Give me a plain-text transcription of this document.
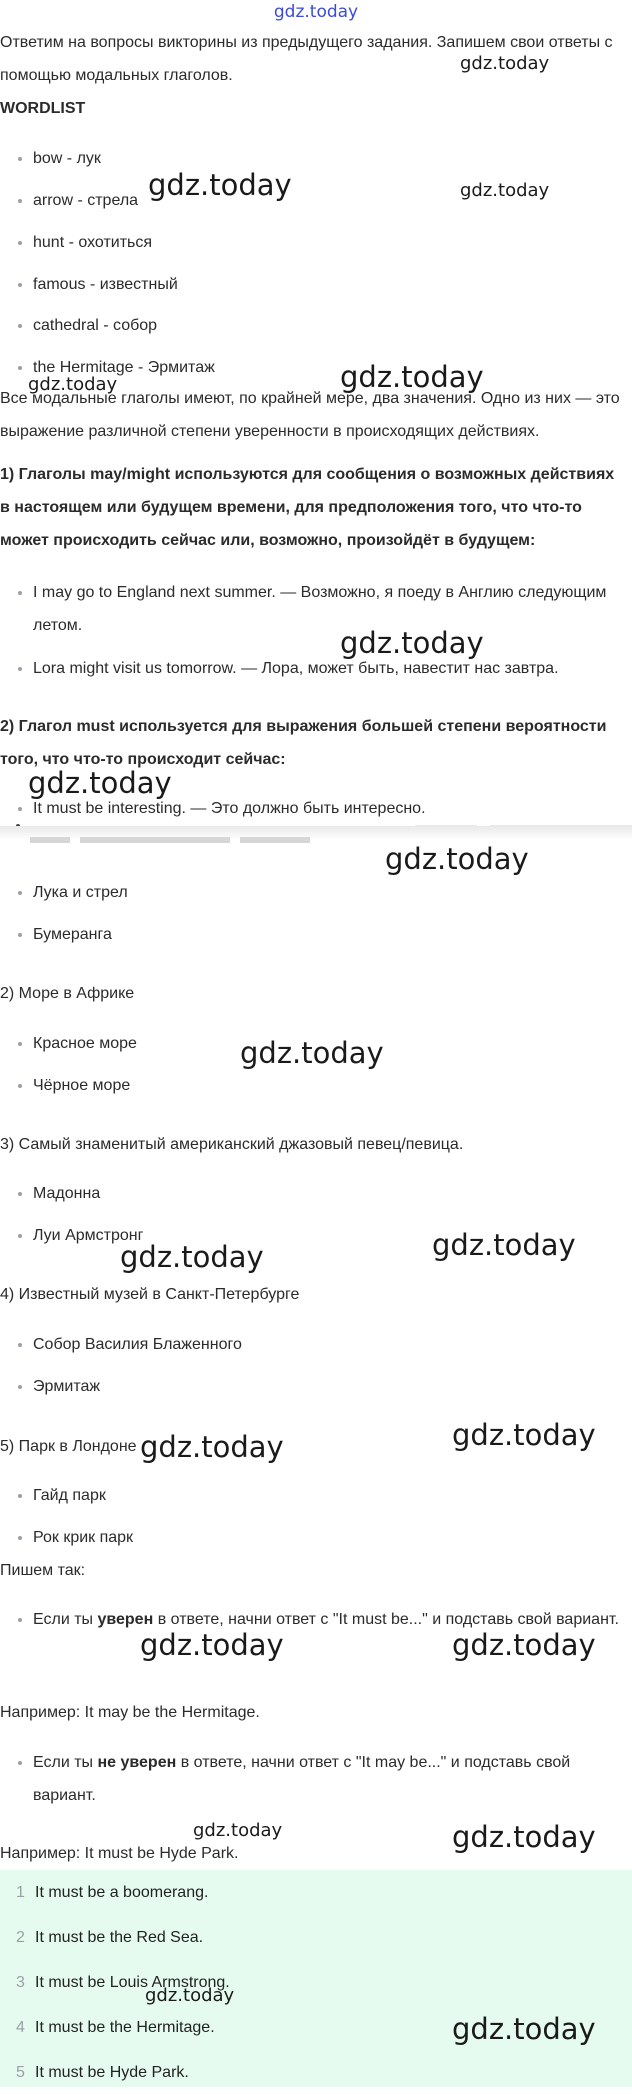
gdz.today
Ответим на вопросы викторины из предыдущего задания. Запишем свои ответы с помощью модальных глаголов.
WORDLIST
bow - лук
arrow - стрела
hunt - охотиться
famous - известный
cathedral - собор
the Hermitage - Эрмитаж
Все модальные глаголы имеют, по крайней мере, два значения. Одно из них — это выражение различной степени уверенности в происходящих действиях.
1) Глаголы may/might используются для сообщения о возможных действиях в настоящем или будущем времени, для предположения того, что что-то может происходить сейчас или, возможно, произойдёт в будущем:
I may go to England next summer. — Возможно, я поеду в Англию следующим летом.
Lora might visit us tomorrow. — Лора, может быть, навестит нас завтра.
2) Глагол must используется для выражения большей степени вероятности того, что что-то происходит сейчас:
It must be interesting. — Это должно быть интересно.
Лука и стрел
Бумеранга
2) Море в Африке
Красное море
Чёрное море
3) Самый знаменитый американский джазовый певец/певица.
Мадонна
Луи Армстронг
4) Известный музей в Санкт-Петербурге
Собор Василия Блаженного
Эрмитаж
5) Парк в Лондоне
Гайд парк
Рок крик парк
Пишем так:
Если ты уверен в ответе, начни ответ с "It must be..." и подставь свой вариант.
Например: It may be the Hermitage.
Если ты не уверен в ответе, начни ответ с "It may be..." и подставь свой вариант.
Например: It must be Hyde Park.
1 It must be a boomerang.
2 It must be the Red Sea.
3 It must be Louis Armstrong.
4 It must be the Hermitage.
5 It must be Hyde Park.
gdz.today
gdz.today	gdz.today
gdz.today
gdz.today
gdz.today
gdz.today
gdz.today
gdz.today
gdz.today	gdz.today
gdz.today	gdz.today
gdz.today	gdz.today
gdz.today	gdz.today
gdz.today
gdz.today
